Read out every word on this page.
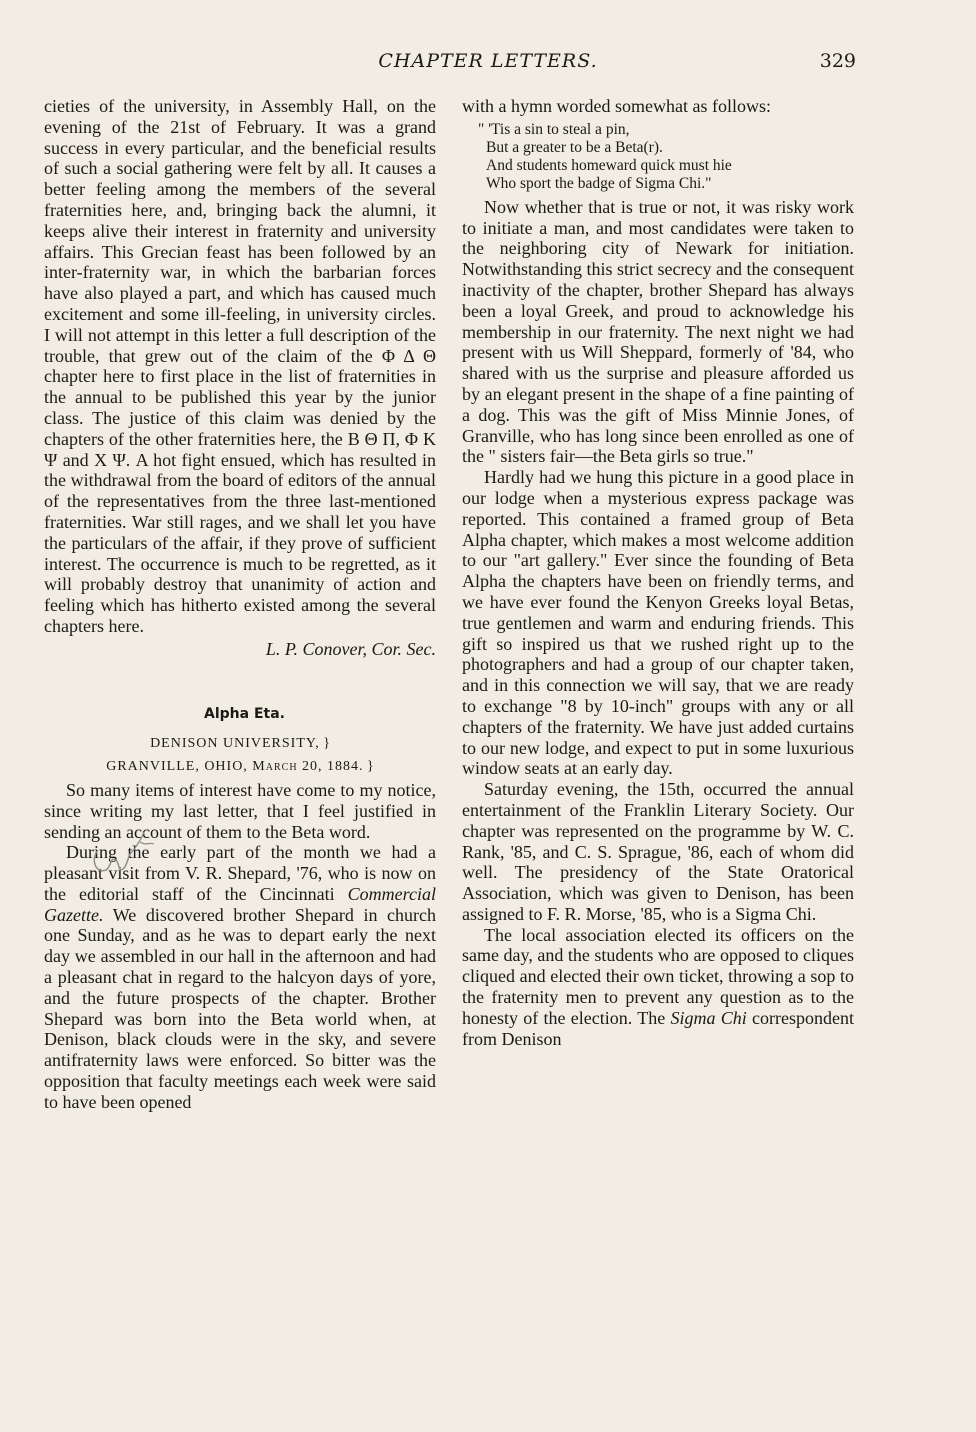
CHAPTER LETTERS.	329

cieties of the university, in Assembly Hall, on the evening of the 21st of February. It was a grand success in every particular, and the beneficial results of such a social gathering were felt by all. It causes a better feeling among the members of the several fraternities here, and, bringing back the alumni, it keeps alive their interest in fraternity and university affairs. This Grecian feast has been followed by an inter-fraternity war, in which the barbarian forces have also played a part, and which has caused much excitement and some ill-feeling, in university circles. I will not attempt in this letter a full description of the trouble, that grew out of the claim of the Φ Δ Θ chapter here to first place in the list of fraternities in the annual to be published this year by the junior class. The justice of this claim was denied by the chapters of the other fraternities here, the Β Θ Π, Φ Κ Ψ and Χ Ψ. A hot fight ensued, which has resulted in the withdrawal from the board of editors of the annual of the representatives from the three last-mentioned fraternities. War still rages, and we shall let you have the particulars of the affair, if they prove of sufficient interest. The occurrence is much to be regretted, as it will probably destroy that unanimity of action and feeling which has hitherto existed among the several chapters here.

L. P. Conover, Cor. Sec.
Alpha Eta.
DENISON UNIVERSITY, }
GRANVILLE, OHIO, March 20, 1884. }

So many items of interest have come to my notice, since writing my last letter, that I feel justified in sending an account of them to the Beta word.

During the early part of the month we had a pleasant visit from V. R. Shepard, '76, who is now on the editorial staff of the Cincinnati Commercial Gazette. We discovered brother Shepard in church one Sunday, and as he was to depart early the next day we assembled in our hall in the afternoon and had a pleasant chat in regard to the halcyon days of yore, and the future prospects of the chapter. Brother Shepard was born into the Beta world when, at Denison, black clouds were in the sky, and severe antifraternity laws were enforced. So bitter was the opposition that faculty meetings each week were said to have been opened

with a hymn worded somewhat as follows:

" 'Tis a sin to steal a pin,
But a greater to be a Beta(r).
And students homeward quick must hie
Who sport the badge of Sigma Chi."

Now whether that is true or not, it was risky work to initiate a man, and most candidates were taken to the neighboring city of Newark for initiation. Notwithstanding this strict secrecy and the consequent inactivity of the chapter, brother Shepard has always been a loyal Greek, and proud to acknowledge his membership in our fraternity. The next night we had present with us Will Sheppard, formerly of '84, who shared with us the surprise and pleasure afforded us by an elegant present in the shape of a fine painting of a dog. This was the gift of Miss Minnie Jones, of Granville, who has long since been enrolled as one of the " sisters fair—the Beta girls so true."

Hardly had we hung this picture in a good place in our lodge when a mysterious express package was reported. This contained a framed group of Beta Alpha chapter, which makes a most welcome addition to our "art gallery." Ever since the founding of Beta Alpha the chapters have been on friendly terms, and we have ever found the Kenyon Greeks loyal Betas, true gentlemen and warm and enduring friends. This gift so inspired us that we rushed right up to the photographers and had a group of our chapter taken, and in this connection we will say, that we are ready to exchange "8 by 10-inch" groups with any or all chapters of the fraternity. We have just added curtains to our new lodge, and expect to put in some luxurious window seats at an early day.

Saturday evening, the 15th, occurred the annual entertainment of the Franklin Literary Society. Our chapter was represented on the programme by W. C. Rank, '85, and C. S. Sprague, '86, each of whom did well. The presidency of the State Oratorical Association, which was given to Denison, has been assigned to F. R. Morse, '85, who is a Sigma Chi.

The local association elected its officers on the same day, and the students who are opposed to cliques cliqued and elected their own ticket, throwing a sop to the fraternity men to prevent any question as to the honesty of the election. The Sigma Chi correspondent from Denison
